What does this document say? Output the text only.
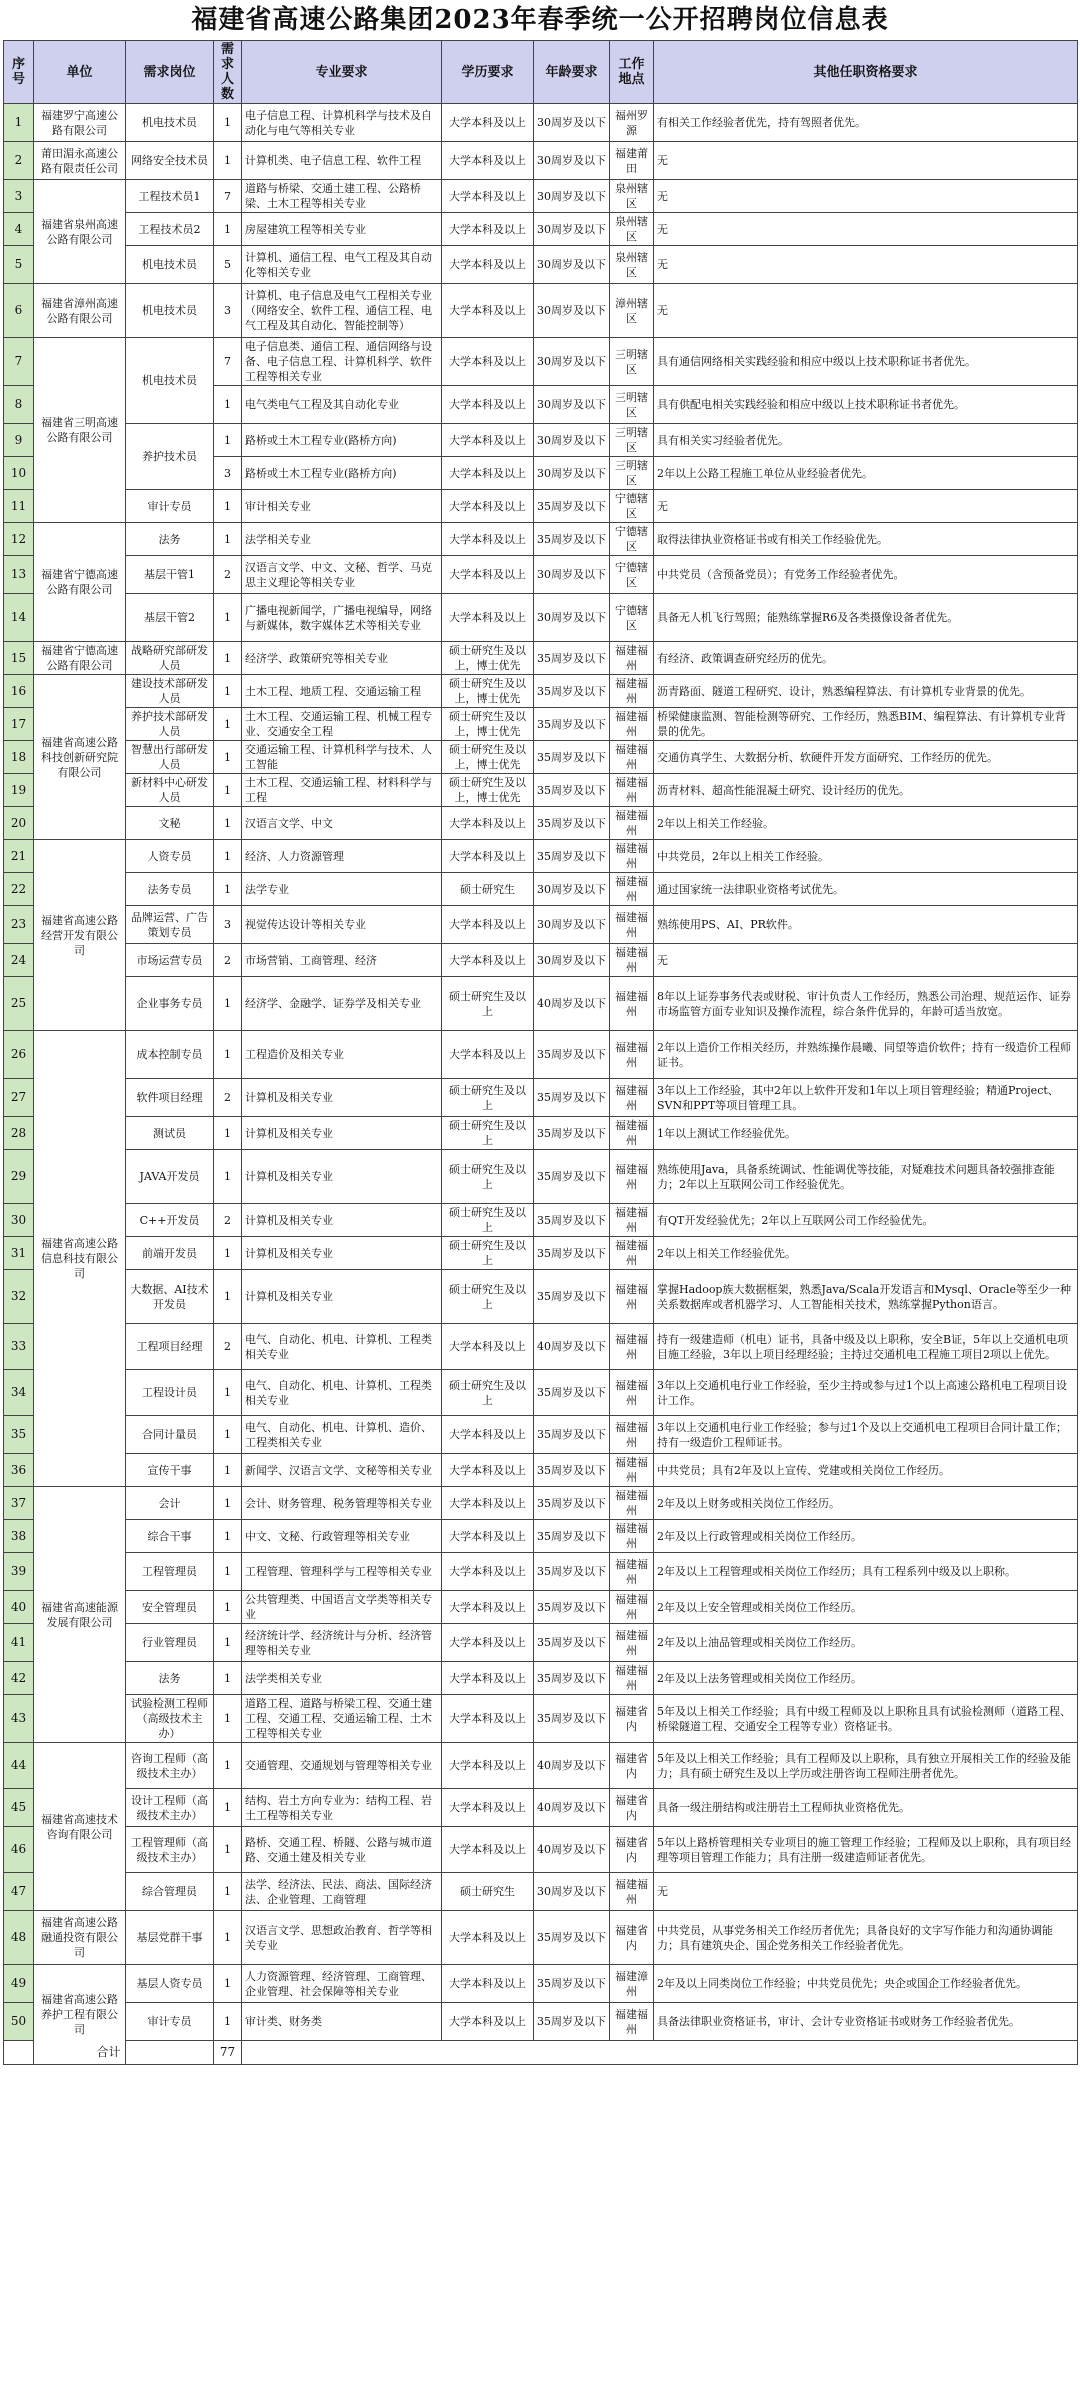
福建省高速公路集团2023年春季统一公开招聘岗位信息表
序号	单位	需求岗位	需求人数	专业要求	学历要求	年龄要求	工作地点	其他任职资格要求
1	福建罗宁高速公路有限公司	机电技术员	1	电子信息工程、计算机科学与技术及自动化与电气等相关专业	大学本科及以上	30周岁及以下	福州罗源	有相关工作经验者优先，持有驾照者优先。
2	莆田湄永高速公路有限责任公司	网络安全技术员	1	计算机类、电子信息工程、软件工程	大学本科及以上	30周岁及以下	福建莆田	无
3	福建省泉州高速公路有限公司	工程技术员1	7	道路与桥梁、交通土建工程、公路桥梁、土木工程等相关专业	大学本科及以上	30周岁及以下	泉州辖区	无
4		工程技术员2	1	房屋建筑工程等相关专业	大学本科及以上	30周岁及以下	泉州辖区	无
5		机电技术员	5	计算机、通信工程、电气工程及其自动化等相关专业	大学本科及以上	30周岁及以下	泉州辖区	无
6	福建省漳州高速公路有限公司	机电技术员	3	计算机、电子信息及电气工程相关专业（网络安全、软件工程、通信工程、电气工程及其自动化、智能控制等）	大学本科及以上	30周岁及以下	漳州辖区	无
7	福建省三明高速公路有限公司	机电技术员	7	电子信息类、通信工程、通信网络与设备、电子信息工程、计算机科学、软件工程等相关专业	大学本科及以上	30周岁及以下	三明辖区	具有通信网络相关实践经验和相应中级以上技术职称证书者优先。
8			1	电气类电气工程及其自动化专业	大学本科及以上	30周岁及以下	三明辖区	具有供配电相关实践经验和相应中级以上技术职称证书者优先。
9		养护技术员	1	路桥或土木工程专业(路桥方向)	大学本科及以上	30周岁及以下	三明辖区	具有相关实习经验者优先。
10			3	路桥或土木工程专业(路桥方向)	大学本科及以上	30周岁及以下	三明辖区	2年以上公路工程施工单位从业经验者优先。
11		审计专员	1	审计相关专业	大学本科及以上	35周岁及以下	宁德辖区	无
12	福建省宁德高速公路有限公司	法务	1	法学相关专业	大学本科及以上	35周岁及以下	宁德辖区	取得法律执业资格证书或有相关工作经验优先。
13		基层干管1	2	汉语言文学、中文、文秘、哲学、马克思主义理论等相关专业	大学本科及以上	30周岁及以下	宁德辖区	中共党员（含预备党员）；有党务工作经验者优先。
14		基层干管2	1	广播电视新闻学，广播电视编导，网络与新媒体，数字媒体艺术等相关专业	大学本科及以上	30周岁及以下	宁德辖区	具备无人机飞行驾照；能熟练掌握R6及各类摄像设备者优先。
15	福建省宁德高速公路有限公司	战略研究部研发人员	1	经济学、政策研究等相关专业	硕士研究生及以上，博士优先	35周岁及以下	福建福州	有经济、政策调查研究经历的优先。
16	福建省高速公路科技创新研究院有限公司	建设技术部研发人员	1	土木工程、地质工程、交通运输工程	硕士研究生及以上，博士优先	35周岁及以下	福建福州	沥青路面、隧道工程研究、设计，熟悉编程算法、有计算机专业背景的优先。
17		养护技术部研发人员	1	土木工程、交通运输工程、机械工程专业、交通安全工程	硕士研究生及以上，博士优先	35周岁及以下	福建福州	桥梁健康监测、智能检测等研究、工作经历，熟悉BIM、编程算法、有计算机专业背景的优先。
18		智慧出行部研发人员	1	交通运输工程、计算机科学与技术、人工智能	硕士研究生及以上，博士优先	35周岁及以下	福建福州	交通仿真学生、大数据分析、软硬件开发方面研究、工作经历的优先。
19		新材料中心研发人员	1	土木工程、交通运输工程、材料科学与工程	硕士研究生及以上，博士优先	35周岁及以下	福建福州	沥青材料、超高性能混凝土研究、设计经历的优先。
20		文秘	1	汉语言文学、中文	大学本科及以上	35周岁及以下	福建福州	2年以上相关工作经验。
21	福建省高速公路经营开发有限公司	人资专员	1	经济、人力资源管理	大学本科及以上	35周岁及以下	福建福州	中共党员，2年以上相关工作经验。
22		法务专员	1	法学专业	硕士研究生	30周岁及以下	福建福州	通过国家统一法律职业资格考试优先。
23		品牌运营、广告策划专员	3	视觉传达设计等相关专业	大学本科及以上	30周岁及以下	福建福州	熟练使用PS、AI、PR软件。
24		市场运营专员	2	市场营销、工商管理、经济	大学本科及以上	30周岁及以下	福建福州	无
25		企业事务专员	1	经济学、金融学、证券学及相关专业	硕士研究生及以上	40周岁及以下	福建福州	8年以上证券事务代表或财税、审计负责人工作经历，熟悉公司治理、规范运作、证券市场监管方面专业知识及操作流程，综合条件优异的，年龄可适当放宽。
26	福建省高速公路信息科技有限公司	成本控制专员	1	工程造价及相关专业	大学本科及以上	35周岁及以下	福建福州	2年以上造价工作相关经历，并熟练操作晨曦、同望等造价软件；持有一级造价工程师证书。
27		软件项目经理	2	计算机及相关专业	硕士研究生及以上	35周岁及以下	福建福州	3年以上工作经验，其中2年以上软件开发和1年以上项目管理经验；精通Project、SVN和PPT等项目管理工具。
28		测试员	1	计算机及相关专业	硕士研究生及以上	35周岁及以下	福建福州	1年以上测试工作经验优先。
29		JAVA开发员	1	计算机及相关专业	硕士研究生及以上	35周岁及以下	福建福州	熟练使用Java，具备系统调试、性能调优等技能，对疑难技术问题具备较强排查能力；2年以上互联网公司工作经验优先。
30		C++开发员	2	计算机及相关专业	硕士研究生及以上	35周岁及以下	福建福州	有QT开发经验优先；2年以上互联网公司工作经验优先。
31		前端开发员	1	计算机及相关专业	硕士研究生及以上	35周岁及以下	福建福州	2年以上相关工作经验优先。
32		大数据、AI技术开发员	1	计算机及相关专业	硕士研究生及以上	35周岁及以下	福建福州	掌握Hadoop族大数据框架，熟悉Java/Scala开发语言和Mysql、Oracle等至少一种关系数据库或者机器学习、人工智能相关技术，熟练掌握Python语言。
33		工程项目经理	2	电气、自动化、机电、计算机、工程类相关专业	大学本科及以上	40周岁及以下	福建福州	持有一级建造师（机电）证书，具备中级及以上职称，安全B证，5年以上交通机电项目施工经验，3年以上项目经理经验；主持过交通机电工程施工项目2项以上优先。
34		工程设计员	1	电气、自动化、机电、计算机、工程类相关专业	硕士研究生及以上	35周岁及以下	福建福州	3年以上交通机电行业工作经验，至少主持或参与过1个以上高速公路机电工程项目设计工作。
35		合同计量员	1	电气、自动化、机电、计算机、造价、工程类相关专业	大学本科及以上	35周岁及以下	福建福州	3年以上交通机电行业工作经验；参与过1个及以上交通机电工程项目合同计量工作；持有一级造价工程师证书。
36		宣传干事	1	新闻学、汉语言文学、文秘等相关专业	大学本科及以上	35周岁及以下	福建福州	中共党员；具有2年及以上宣传、党建或相关岗位工作经历。
37	福建省高速能源发展有限公司	会计	1	会计、财务管理、税务管理等相关专业	大学本科及以上	35周岁及以下	福建福州	2年及以上财务或相关岗位工作经历。
38		综合干事	1	中文、文秘、行政管理等相关专业	大学本科及以上	35周岁及以下	福建福州	2年及以上行政管理或相关岗位工作经历。
39		工程管理员	1	工程管理、管理科学与工程等相关专业	大学本科及以上	35周岁及以下	福建福州	2年及以上工程管理或相关岗位工作经历；具有工程系列中级及以上职称。
40		安全管理员	1	公共管理类、中国语言文学类等相关专业	大学本科及以上	35周岁及以下	福建福州	2年及以上安全管理或相关岗位工作经历。
41		行业管理员	1	经济统计学、经济统计与分析、经济管理等相关专业	大学本科及以上	35周岁及以下	福建福州	2年及以上油品管理或相关岗位工作经历。
42		法务	1	法学类相关专业	大学本科及以上	35周岁及以下	福建福州	2年及以上法务管理或相关岗位工作经历。
43		试验检测工程师（高级技术主办）	1	道路工程、道路与桥梁工程、交通土建工程、交通工程、交通运输工程、土木工程等相关专业	大学本科及以上	35周岁及以下	福建省内	5年及以上相关工作经验；具有中级工程师及以上职称且具有试验检测师（道路工程、桥梁隧道工程、交通安全工程等专业）资格证书。
44	福建省高速技术咨询有限公司	咨询工程师（高级技术主办）	1	交通管理、交通规划与管理等相关专业	大学本科及以上	40周岁及以下	福建省内	5年及以上相关工作经验；具有工程师及以上职称，具有独立开展相关工作的经验及能力；具有硕士研究生及以上学历或注册咨询工程师注册者优先。
45		设计工程师（高级技术主办）	1	结构、岩土方向专业为：结构工程、岩土工程等相关专业	大学本科及以上	40周岁及以下	福建省内	具备一级注册结构或注册岩土工程师执业资格优先。
46		工程管理师（高级技术主办）	1	路桥、交通工程、桥隧、公路与城市道路、交通土建及相关专业	大学本科及以上	40周岁及以下	福建省内	5年以上路桥管理相关专业项目的施工管理工作经验；工程师及以上职称，具有项目经理等项目管理工作能力；具有注册一级建造师证者优先。
47		综合管理员	1	法学、经济法、民法、商法、国际经济法、企业管理、工商管理	硕士研究生	30周岁及以下	福建福州	无
48	福建省高速公路融通投资有限公司	基层党群干事	1	汉语言文学、思想政治教育、哲学等相关专业	大学本科及以上	35周岁及以下	福建省内	中共党员，从事党务相关工作经历者优先；具备良好的文字写作能力和沟通协调能力；具有建筑央企、国企党务相关工作经验者优先。
49	福建省高速公路养护工程有限公司	基层人资专员	1	人力资源管理、经济管理、工商管理、企业管理、社会保障等相关专业	大学本科及以上	35周岁及以下	福建漳州	2年及以上同类岗位工作经验；中共党员优先；央企或国企工作经验者优先。
50		审计专员	1	审计类、财务类	大学本科及以上	35周岁及以下	福建福州	具备法律职业资格证书，审计、会计专业资格证书或财务工作经验者优先。
合计			77					
